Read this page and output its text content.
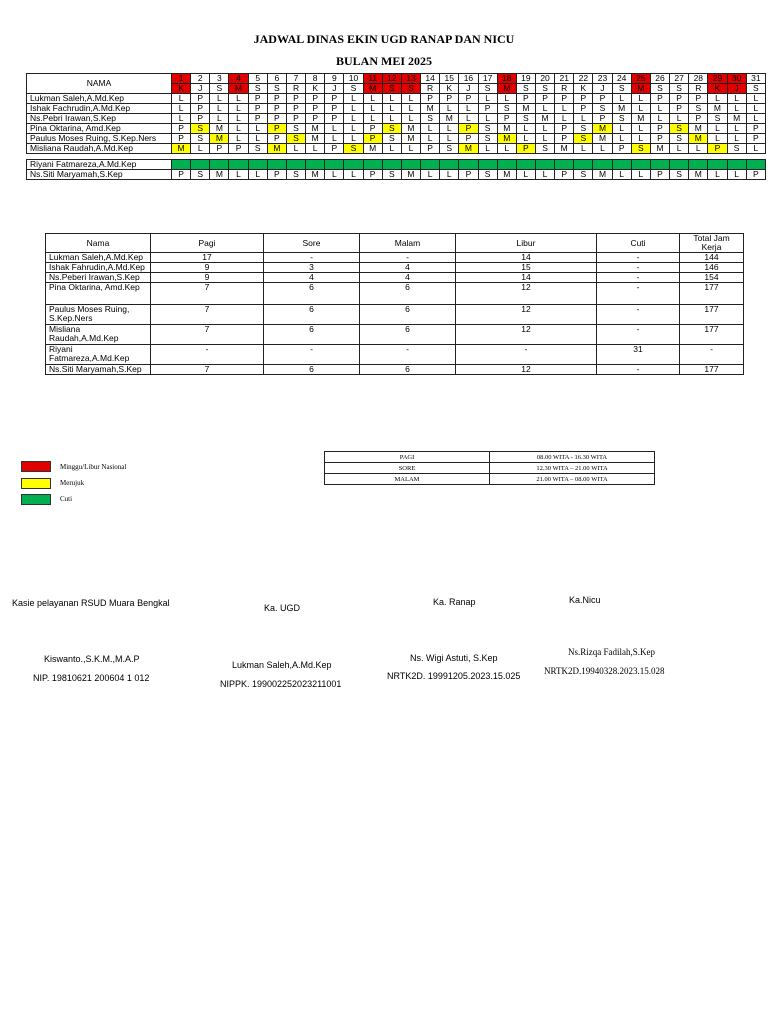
JADWAL DINAS EKIN UGD RANAP DAN NICU
BULAN MEI 2025
NAMA	1	2	3	4	5	6	7	8	9	10	11	12	13	14	15	16	17	18	19	20	21	22	23	24	25	26	27	28	29	30	31
	K	J	S	M	S	S	R	K	J	S	M	S	S	R	K	J	S	M	S	S	R	K	J	S	M	S	S	R	K	J	S
Lukman Saleh,A.Md.Kep	L	P	L	L	P	P	P	P	P	L	L	L	L	P	P	P	L	L	P	P	P	P	P	L	L	P	P	P	L	L	L
Ishak Fachrudin,A.Md.Kep	L	P	L	L	P	P	P	P	P	L	L	L	L	M	L	L	P	S	M	L	L	P	S	M	L	L	P	S	M	L	L
Ns.Pebri Irawan,S.Kep	L	P	L	L	P	P	P	P	P	L	L	L	L	S	M	L	L	P	S	M	L	L	P	S	M	L	L	P	S	M	L
Pina Oktarina, Amd.Kep	P	S	M	L	L	P	S	M	L	L	P	S	M	L	L	P	S	M	L	L	P	S	M	L	L	P	S	M	L	L	P
Paulus Moses Ruing, S.Kep.Ners	P	S	M	L	L	P	S	M	L	L	P	S	M	L	L	P	S	M	L	L	P	S	M	L	L	P	S	M	L	L	P
Misliana Raudah,A.Md.Kep	M	L	P	P	S	M	L	L	P	S	M	L	L	P	S	M	L	L	P	S	M	L	L	P	S	M	L	L	P	S	L

Riyani Fatmareza,A.Md.Kep																															
Ns.Siti Maryamah,S.Kep	P	S	M	L	L	P	S	M	L	L	P	S	M	L	L	P	S	M	L	L	P	S	M	L	L	P	S	M	L	L	P
Nama	Pagi	Sore	Malam	Libur	Cuti	Total Jam Kerja
Lukman Saleh,A.Md.Kep	17	-	-	14	-	144
Ishak Fahrudin,A.Md.Kep	9	3	4	15	-	146
Ns.Peberi Irawan,S.Kep	9	4	4	14	-	154
Pina Oktarina, Amd.Kep	7	6	6	12	-	177
Paulus Moses Ruing, S.Kep.Ners	7	6	6	12	-	177
Misliana Raudah,A.Md.Kep	7	6	6	12	-	177
Riyani Fatmareza,A.Md.Kep	-	-	-	-	31	-
Ns.Siti Maryamah,S.Kep	7	6	6	12	-	177
Minggu/Libur Nasional
Merujuk
Cuti
PAGI	08.00 WITA - 16.30 WITA
SORE	12.30 WITA – 21.00 WITA
MALAM	21.00 WITA – 08.00 WITA
Kasie pelayanan RSUD Muara Bengkal
Kiswanto.,S.K.M.,M.A.P
NIP. 19810621 200604 1 012
Ka. UGD
Lukman Saleh,A.Md.Kep
NIPPK. 199002252023211001
Ka. Ranap
Ns. Wigi Astuti, S.Kep
NRTK2D. 19991205.2023.15.025
Ka.Nicu
Ns.Rizqa Fadilah,S.Kep
NRTK2D.19940328.2023.15.028
